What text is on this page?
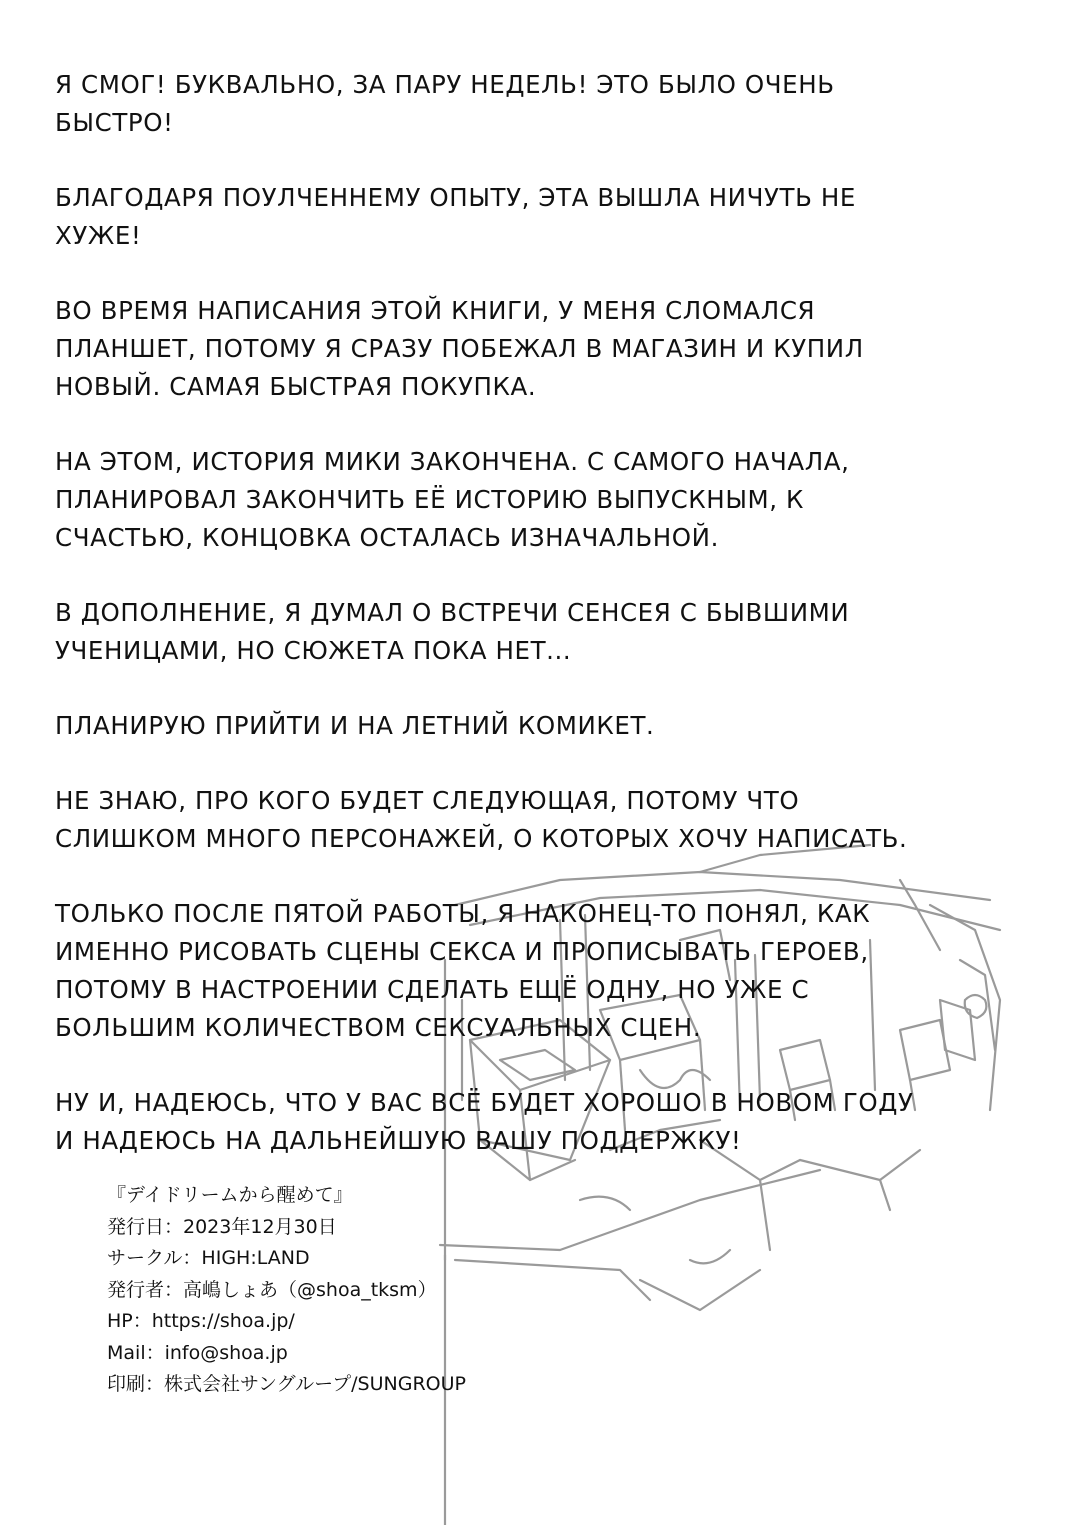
Я СМОГ! БУКВАЛЬНО, ЗА ПАРУ НЕДЕЛЬ! ЭТО БЫЛО ОЧЕНЬ
БЫСТРО!

БЛАГОДАРЯ ПОУЛЧЕННЕМУ ОПЫТУ, ЭТА ВЫШЛА НИЧУТЬ НЕ
ХУЖЕ!

ВО ВРЕМЯ НАПИСАНИЯ ЭТОЙ КНИГИ, У МЕНЯ СЛОМАЛСЯ
ПЛАНШЕТ, ПОТОМУ Я СРАЗУ ПОБЕЖАЛ В МАГАЗИН И КУПИЛ
НОВЫЙ. САМАЯ БЫСТРАЯ ПОКУПКА.

НА ЭТОМ, ИСТОРИЯ МИКИ ЗАКОНЧЕНА. С САМОГО НАЧАЛА,
ПЛАНИРОВАЛ ЗАКОНЧИТЬ ЕЁ ИСТОРИЮ ВЫПУСКНЫМ, К
СЧАСТЬЮ, КОНЦОВКА ОСТАЛАСЬ ИЗНАЧАЛЬНОЙ.

В ДОПОЛНЕНИЕ, Я ДУМАЛ О ВСТРЕЧИ СЕНСЕЯ С БЫВШИМИ
УЧЕНИЦАМИ, НО СЮЖЕТА ПОКА НЕТ...

ПЛАНИРУЮ ПРИЙТИ И НА ЛЕТНИЙ КОМИКЕТ.

НЕ ЗНАЮ, ПРО КОГО БУДЕТ СЛЕДУЮЩАЯ, ПОТОМУ ЧТО
СЛИШКОМ МНОГО ПЕРСОНАЖЕЙ, О КОТОРЫХ ХОЧУ НАПИСАТЬ.

ТОЛЬКО ПОСЛЕ ПЯТОЙ РАБОТЫ, Я НАКОНЕЦ-ТО ПОНЯЛ, КАК
ИМЕННО РИСОВАТЬ СЦЕНЫ СЕКСА И ПРОПИСЫВАТЬ ГЕРОЕВ,
ПОТОМУ В НАСТРОЕНИИ СДЕЛАТЬ ЕЩЁ ОДНУ, НО УЖЕ С
БОЛЬШИМ КОЛИЧЕСТВОМ СЕКСУАЛЬНЫХ СЦЕН.

НУ И, НАДЕЮСЬ, ЧТО У ВАС ВСЁ БУДЕТ ХОРОШО В НОВОМ ГОДУ
И НАДЕЮСЬ НА ДАЛЬНЕЙШУЮ ВАШУ ПОДДЕРЖКУ!

『デイドリームから醒めて』
発行日：2023年12月30日
サークル：HIGH:LAND
発行者：高嶋しょあ（@shoa_tksm）
HP：https://shoa.jp/
Mail：info@shoa.jp
印刷：株式会社サングループ/SUNGROUP
